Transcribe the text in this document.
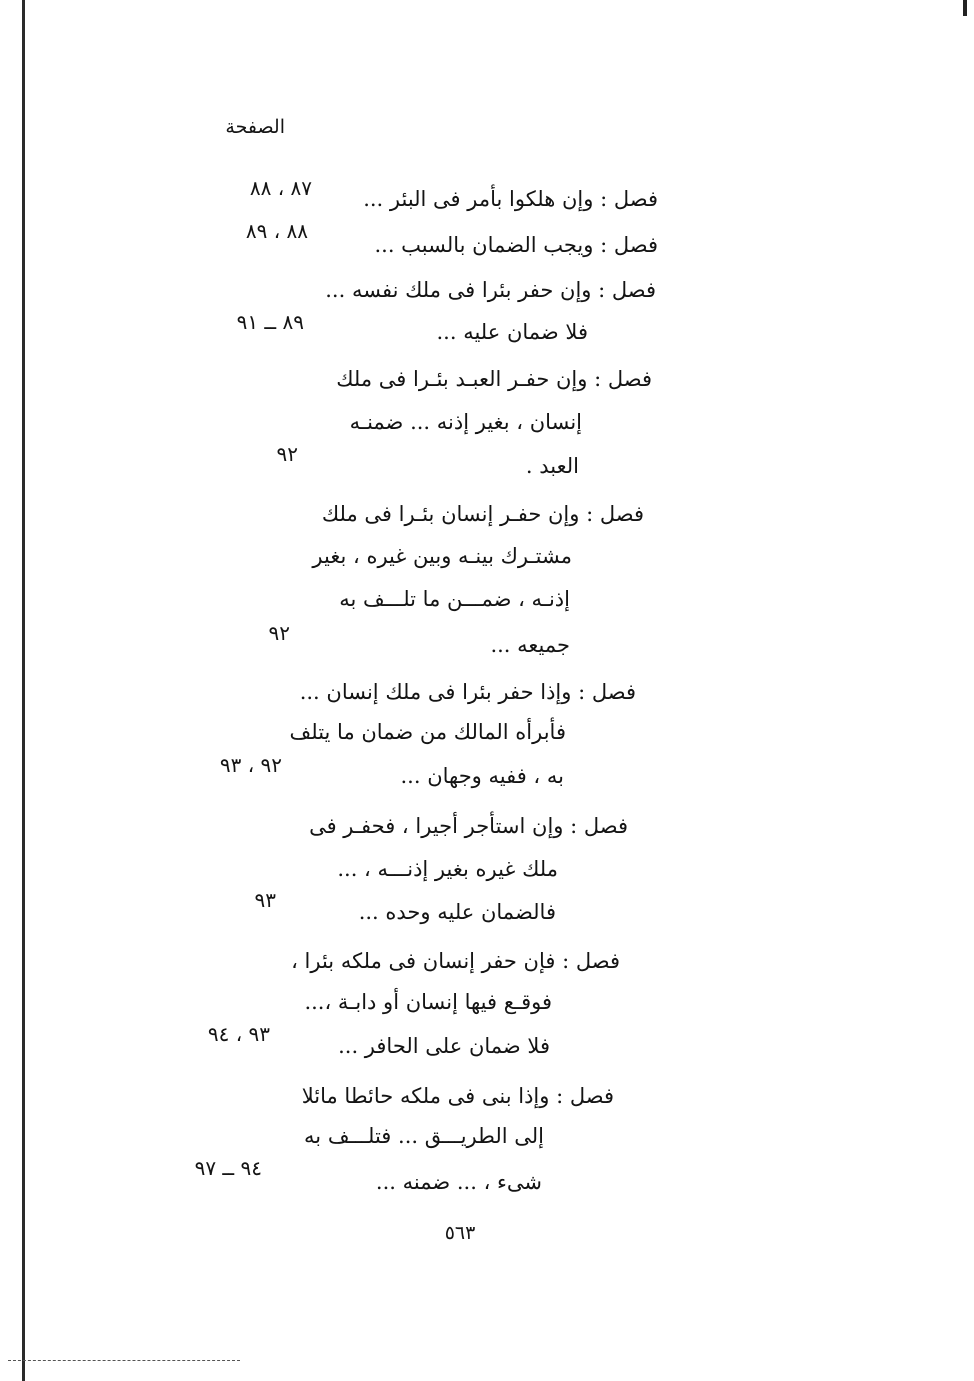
الصفحة
فصل : وإن هلكوا بأمر فى البئر ...
٨٧ ، ٨٨
فصل : ويجب الضمان بالسبب ...
٨٨ ، ٨٩
فصل : وإن حفر بئرا فى ملك نفسه ...
فلا ضمان عليه ...
٨٩ ــ ٩١
فصل : وإن حفـر العبـد بئـرا فى ملك
إنسان ، بغير إذنه ... ضمنـه
العبد .
٩٢
فصل : وإن حفـر إنسان بئـرا فى ملك
مشتـرك بينـه وبين غيره ، بغير
إذنـه ، ضمـــن ما تلـــف به
جميعه ...
٩٢
فصل : وإذا حفر بئرا فى ملك إنسان ...
فأبرأه المالك من ضمان ما يتلف
به ، ففيه وجهان ...
٩٢ ، ٩٣
فصل : وإن استأجر أجيرا ، فحفـر فى
ملك غيره بغير إذنـــه ، ...
فالضمان عليه وحده ...
٩٣
فصل : فإن حفر إنسان فى ملكه بئرا ،
فوقـع فيها إنسان أو دابـة ،...
فلا ضمان على الحافر ...
٩٣ ، ٩٤
فصل : وإذا بنى فى ملكه حائطا مائلا
إلى الطريـــق ... فتلـــف به
شىء ، ... ضمنه ...
٩٤ ــ ٩٧
٥٦٣
